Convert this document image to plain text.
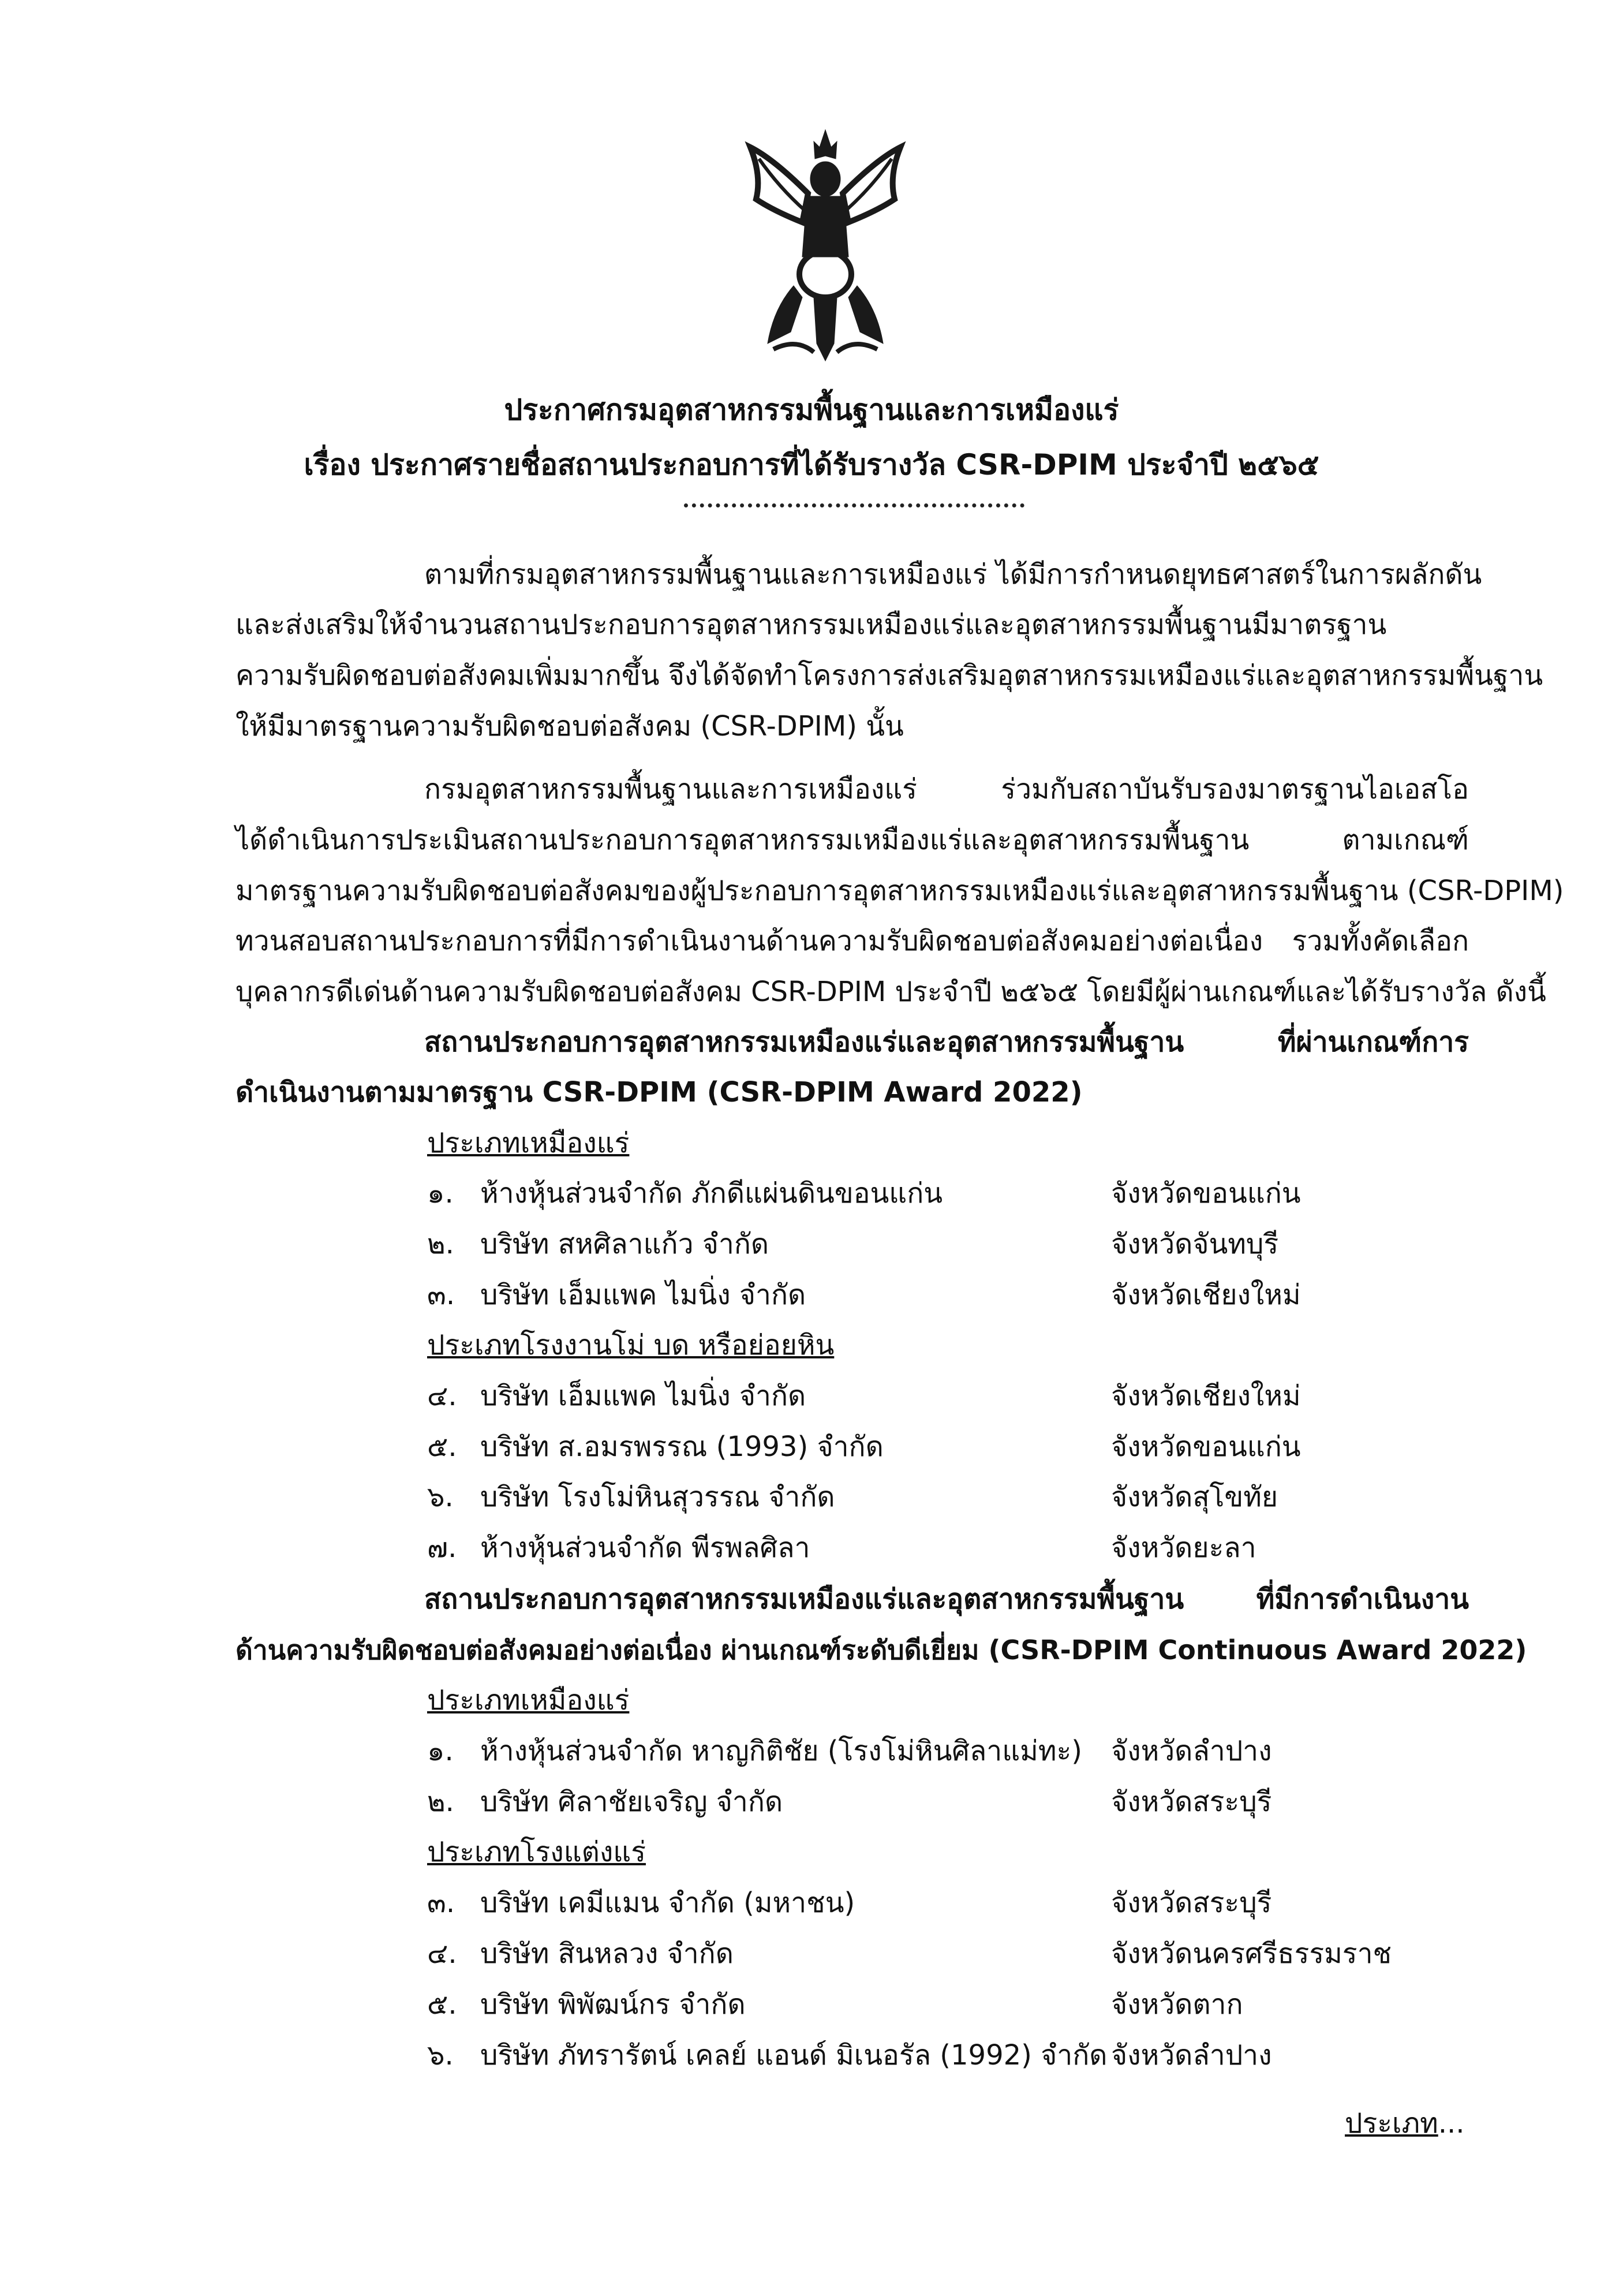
ประกาศกรมอุตสาหกรรมพื้นฐานและการเหมืองแร่
เรื่อง ประกาศรายชื่อสถานประกอบการที่ได้รับรางวัล CSR-DPIM ประจำปี ๒๕๖๕
ตามที่กรมอุตสาหกรรมพื้นฐานและการเหมืองแร่ ได้มีการกำหนดยุทธศาสตร์ในการผลักดัน
และส่งเสริมให้จำนวนสถานประกอบการอุตสาหกรรมเหมืองแร่และอุตสาหกรรมพื้นฐานมีมาตรฐาน
ความรับผิดชอบต่อสังคมเพิ่มมากขึ้น จึงได้จัดทำโครงการส่งเสริมอุตสาหกรรมเหมืองแร่และอุตสาหกรรมพื้นฐาน
ให้มีมาตรฐานความรับผิดชอบต่อสังคม (CSR-DPIM) นั้น
กรมอุตสาหกรรมพื้นฐานและการเหมืองแร่ ร่วมกับสถาบันรับรองมาตรฐานไอเอสโอ
ได้ดำเนินการประเมินสถานประกอบการอุตสาหกรรมเหมืองแร่และอุตสาหกรรมพื้นฐาน ตามเกณฑ์
มาตรฐานความรับผิดชอบต่อสังคมของผู้ประกอบการอุตสาหกรรมเหมืองแร่และอุตสาหกรรมพื้นฐาน (CSR-DPIM)
ทวนสอบสถานประกอบการที่มีการดำเนินงานด้านความรับผิดชอบต่อสังคมอย่างต่อเนื่อง รวมทั้งคัดเลือก
บุคลากรดีเด่นด้านความรับผิดชอบต่อสังคม CSR-DPIM ประจำปี ๒๕๖๕ โดยมีผู้ผ่านเกณฑ์และได้รับรางวัล ดังนี้
สถานประกอบการอุตสาหกรรมเหมืองแร่และอุตสาหกรรมพื้นฐาน ที่ผ่านเกณฑ์การ
ดำเนินงานตามมาตรฐาน CSR-DPIM (CSR-DPIM Award 2022)
ประเภทเหมืองแร่
๑. ห้างหุ้นส่วนจำกัด ภักดีแผ่นดินขอนแก่น	จังหวัดขอนแก่น
๒. บริษัท สหศิลาแก้ว จำกัด	จังหวัดจันทบุรี
๓. บริษัท เอ็มแพค ไมนิ่ง จำกัด	จังหวัดเชียงใหม่
ประเภทโรงงานโม่ บด หรือย่อยหิน
๔. บริษัท เอ็มแพค ไมนิ่ง จำกัด	จังหวัดเชียงใหม่
๕. บริษัท ส.อมรพรรณ (1993) จำกัด	จังหวัดขอนแก่น
๖. บริษัท โรงโม่หินสุวรรณ จำกัด	จังหวัดสุโขทัย
๗. ห้างหุ้นส่วนจำกัด พีรพลศิลา	จังหวัดยะลา
สถานประกอบการอุตสาหกรรมเหมืองแร่และอุตสาหกรรมพื้นฐาน ที่มีการดำเนินงาน
ด้านความรับผิดชอบต่อสังคมอย่างต่อเนื่อง ผ่านเกณฑ์ระดับดีเยี่ยม (CSR-DPIM Continuous Award 2022)
ประเภทเหมืองแร่
๑. ห้างหุ้นส่วนจำกัด หาญกิติชัย (โรงโม่หินศิลาแม่ทะ) จังหวัดลำปาง
๒. บริษัท ศิลาชัยเจริญ จำกัด	จังหวัดสระบุรี
ประเภทโรงแต่งแร่
๓. บริษัท เคมีแมน จำกัด (มหาชน)	จังหวัดสระบุรี
๔. บริษัท สินหลวง จำกัด	จังหวัดนครศรีธรรมราช
๕. บริษัท พิพัฒน์กร จำกัด	จังหวัดตาก
๖. บริษัท ภัทรารัตน์ เคลย์ แอนด์ มิเนอรัล (1992) จำกัด จังหวัดลำปาง
ประเภท...
